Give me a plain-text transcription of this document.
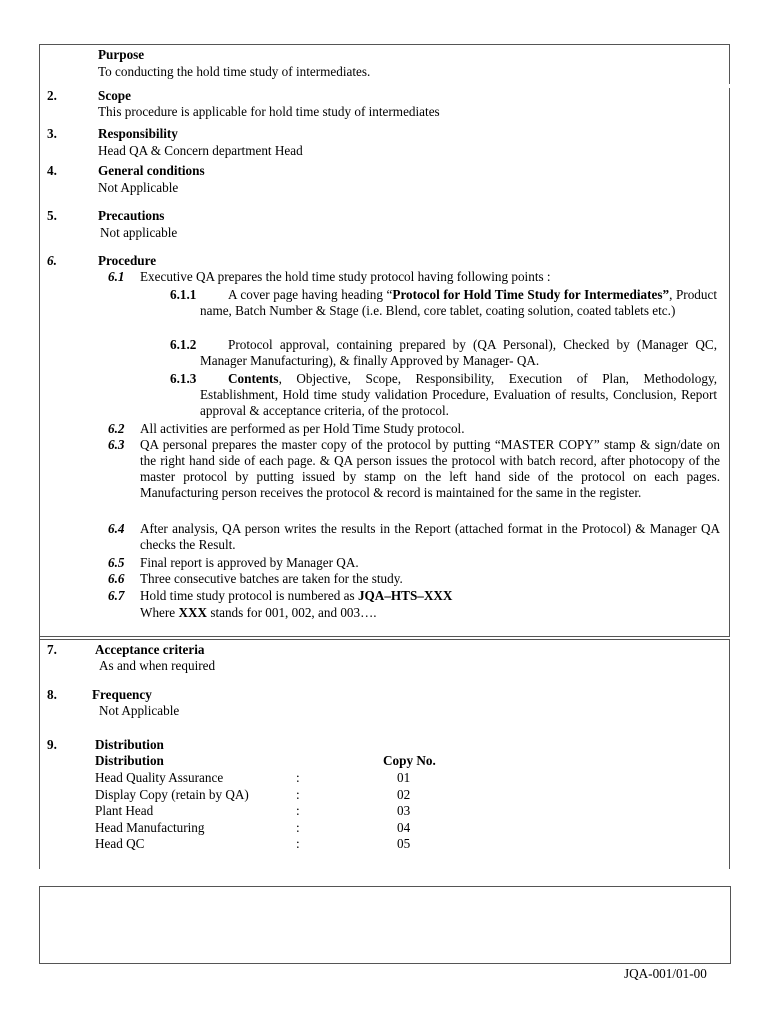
JQA-001/01-00
Purpose
To conducting the hold time study of intermediates.
2.	Scope
This procedure is applicable for hold time study of intermediates
3.	Responsibility
Head QA & Concern department Head
4.	General conditions
Not Applicable
5.	Precautions
Not applicable
6.	Procedure
6.1 Executive QA prepares the hold time study protocol having following points :
6.1.1	A cover page having heading “Protocol for Hold Time Study for Intermediates”, Product name, Batch Number & Stage (i.e. Blend, core tablet, coating solution, coated tablets etc.)
6.1.2	Protocol approval, containing prepared by (QA Personal), Checked by (Manager QC, Manager Manufacturing), & finally Approved by Manager- QA.
6.1.3	Contents, Objective, Scope, Responsibility, Execution of Plan, Methodology, Establishment, Hold time study validation Procedure, Evaluation of results, Conclusion, Report approval & acceptance criteria, of the protocol.
6.2 All activities are performed as per Hold Time Study protocol.
6.3 QA personal prepares the master copy of the protocol by putting “MASTER COPY” stamp & sign/date on the right hand side of each page. & QA person issues the protocol with batch record, after photocopy of the master protocol by putting issued by stamp on the left hand side of the protocol on each pages. Manufacturing person receives the protocol & record is maintained for the same in the register.
6.4 After analysis, QA person writes the results in the Report (attached format in the Protocol) & Manager QA checks the Result.
6.5 Final report is approved by Manager QA.
6.6 Three consecutive batches are taken for the study.
6.7 Hold time study protocol is numbered as JQA–HTS–XXX
Where XXX stands for 001, 002, and 003….
7.	Acceptance criteria
As and when required
8.	Frequency
Not Applicable
9.	Distribution
Distribution	Copy No.
Head Quality Assurance	:	01
Display Copy (retain by QA)	:	02
Plant Head	:	03
Head Manufacturing	:	04
Head QC	:	05
